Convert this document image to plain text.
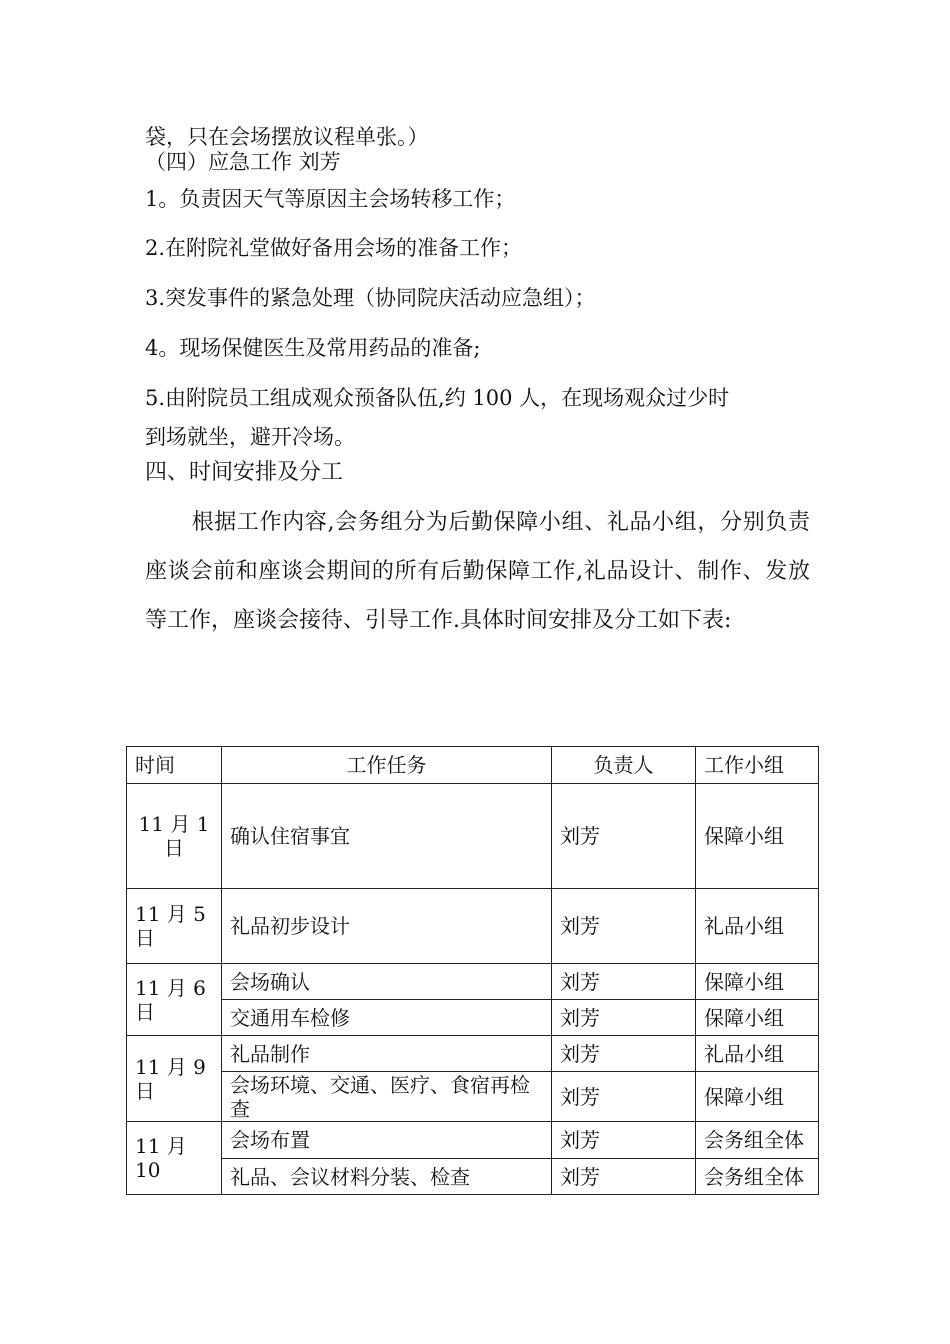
袋，只在会场摆放议程单张。）
（四）应急工作 刘芳
1。负责因天气等原因主会场转移工作；
2.在附院礼堂做好备用会场的准备工作；
3.突发事件的紧急处理（协同院庆活动应急组）；
4。现场保健医生及常用药品的准备;
5.由附院员工组成观众预备队伍,约 100 人，在现场观众过少时
到场就坐，避开冷场。
四、时间安排及分工
根据工作内容,会务组分为后勤保障小组、礼品小组，分别负责座谈会前和座谈会期间的所有后勤保障工作,礼品设计、制作、发放等工作，座谈会接待、引导工作.具体时间安排及分工如下表:
时间	工作任务	负责人	工作小组
11 月 1 日	确认住宿事宜	刘芳	保障小组
11 月 5 日	礼品初步设计	刘芳	礼品小组
11 月 6 日	会场确认	刘芳	保障小组
	交通用车检修	刘芳	保障小组
11 月 9 日	礼品制作	刘芳	礼品小组
	会场环境、交通、医疗、食宿再检查	刘芳	保障小组
11 月 10	会场布置	刘芳	会务组全体
	礼品、会议材料分装、检查	刘芳	会务组全体
